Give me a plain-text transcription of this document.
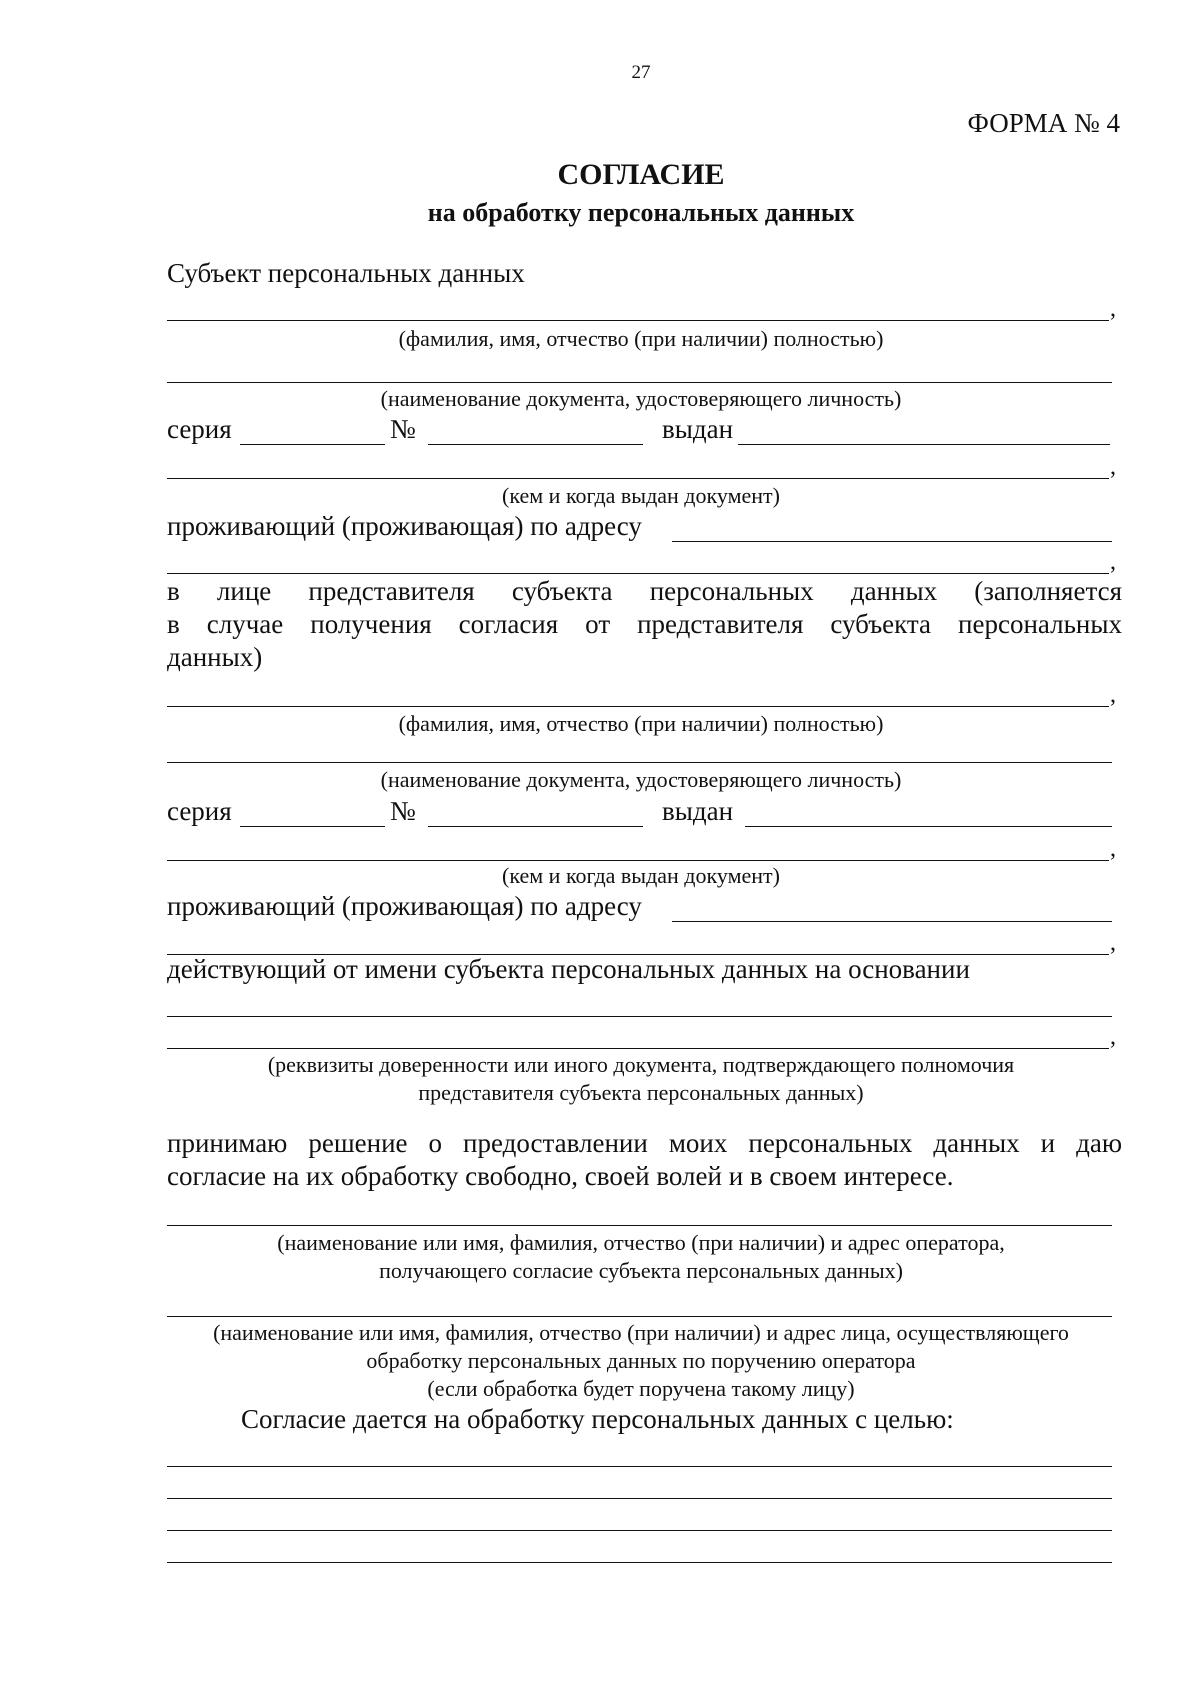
27
ФОРМА № 4
СОГЛАСИЕ
на обработку персональных данных
Субъект персональных данных
,
(фамилия, имя, отчество (при наличии) полностью)
(наименование документа, удостоверяющего личность)
серия	№	выдан
,
(кем и когда выдан документ)
проживающий (проживающая) по адресу
,
в лице представителя субъекта персональных данных (заполняется
в случае получения согласия от представителя субъекта персональных
данных)
,
(фамилия, имя, отчество (при наличии) полностью)
(наименование документа, удостоверяющего личность)
серия	№	выдан
,
(кем и когда выдан документ)
проживающий (проживающая) по адресу
,
действующий от имени субъекта персональных данных на основании
,
(реквизиты доверенности или иного документа, подтверждающего полномочия
представителя субъекта персональных данных)
принимаю решение о предоставлении моих персональных данных и даю
согласие на их обработку свободно, своей волей и в своем интересе.
(наименование или имя, фамилия, отчество (при наличии) и адрес оператора,
получающего согласие субъекта персональных данных)
(наименование или имя, фамилия, отчество (при наличии) и адрес лица, осуществляющего
обработку персональных данных по поручению оператора
(если обработка будет поручена такому лицу)
Согласие дается на обработку персональных данных с целью:
